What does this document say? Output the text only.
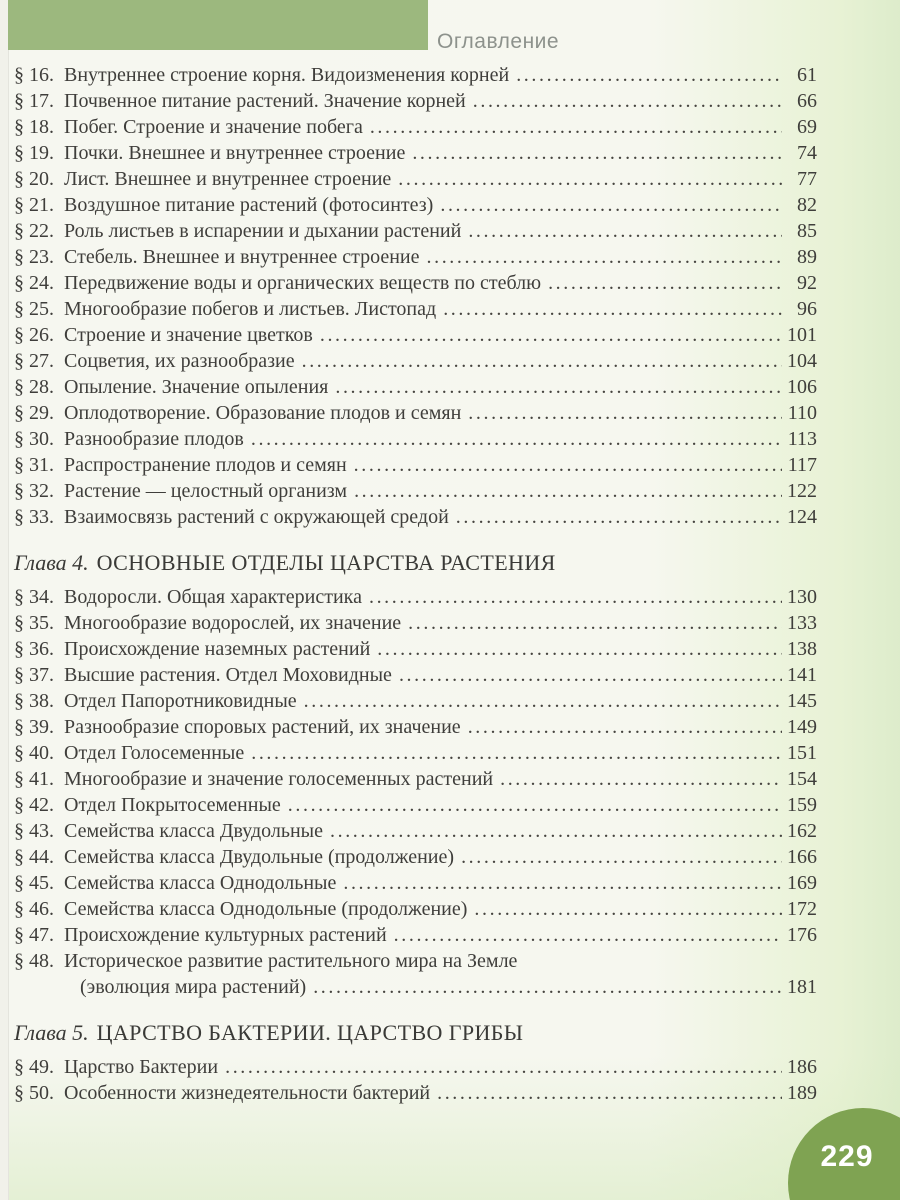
Оглавление
§ 16. Внутреннее строение корня. Видоизменения корней .....	61
§ 17. Почвенное питание растений. Значение корней .....	66
§ 18. Побег. Строение и значение побега .....	69
§ 19. Почки. Внешнее и внутреннее строение .....	74
§ 20. Лист. Внешнее и внутреннее строение .....	77
§ 21. Воздушное питание растений (фотосинтез) .....	82
§ 22. Роль листьев в испарении и дыхании растений .....	85
§ 23. Стебель. Внешнее и внутреннее строение .....	89
§ 24. Передвижение воды и органических веществ по стеблю .....	92
§ 25. Многообразие побегов и листьев. Листопад .....	96
§ 26. Строение и значение цветков .....	101
§ 27. Соцветия, их разнообразие .....	104
§ 28. Опыление. Значение опыления .....	106
§ 29. Оплодотворение. Образование плодов и семян .....	110
§ 30. Разнообразие плодов .....	113
§ 31. Распространение плодов и семян .....	117
§ 32. Растение — целостный организм .....	122
§ 33. Взаимосвязь растений с окружающей средой .....	124
Глава 4. ОСНОВНЫЕ ОТДЕЛЫ ЦАРСТВА РАСТЕНИЯ
§ 34. Водоросли. Общая характеристика .....	130
§ 35. Многообразие водорослей, их значение .....	133
§ 36. Происхождение наземных растений .....	138
§ 37. Высшие растения. Отдел Моховидные .....	141
§ 38. Отдел Папоротниковидные .....	145
§ 39. Разнообразие споровых растений, их значение .....	149
§ 40. Отдел Голосеменные .....	151
§ 41. Многообразие и значение голосеменных растений .....	154
§ 42. Отдел Покрытосеменные .....	159
§ 43. Семейства класса Двудольные .....	162
§ 44. Семейства класса Двудольные (продолжение) .....	166
§ 45. Семейства класса Однодольные .....	169
§ 46. Семейства класса Однодольные (продолжение) .....	172
§ 47. Происхождение культурных растений .....	176
§ 48. Историческое развитие растительного мира на Земле
(эволюция мира растений) .....	181
Глава 5. ЦАРСТВО БАКТЕРИИ. ЦАРСТВО ГРИБЫ
§ 49. Царство Бактерии .....	186
§ 50. Особенности жизнедеятельности бактерий .....	189
229
